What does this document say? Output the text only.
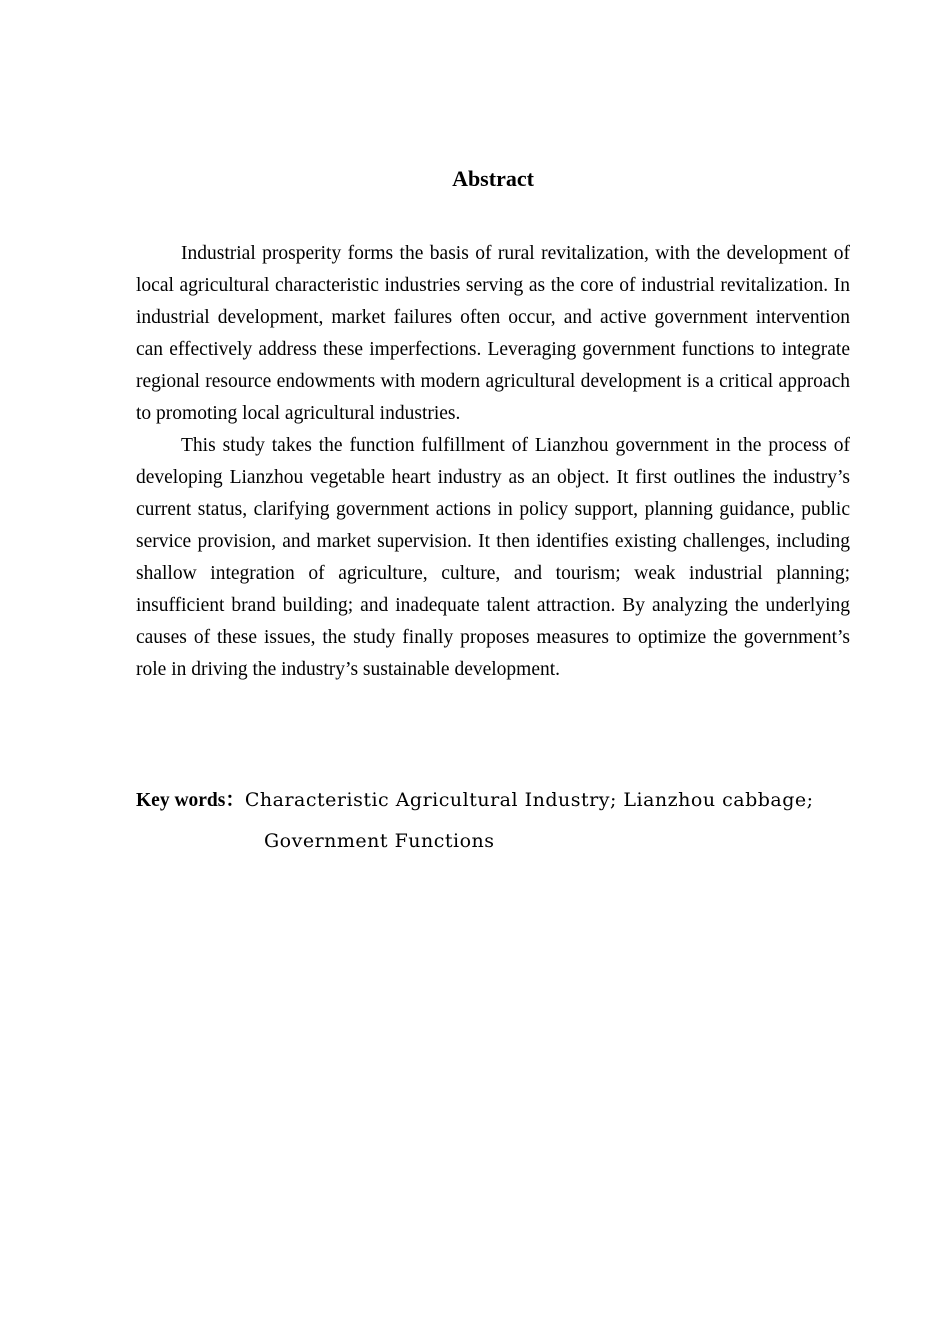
Abstract

Industrial prosperity forms the basis of rural revitalization, with the development of local agricultural characteristic industries serving as the core of industrial revitalization. In industrial development, market failures often occur, and active government intervention can effectively address these imperfections. Leveraging government functions to integrate regional resource endowments with modern agricultural development is a critical approach to promoting local agricultural industries.

This study takes the function fulfillment of Lianzhou government in the process of developing Lianzhou vegetable heart industry as an object. It first outlines the industry’s current status, clarifying government actions in policy support, planning guidance, public service provision, and market supervision. It then identifies existing challenges, including shallow integration of agriculture, culture, and tourism; weak industrial planning; insufficient brand building; and inadequate talent attraction. By analyzing the underlying causes of these issues, the study finally proposes measures to optimize the government’s role in driving the industry’s sustainable development.

Key words：Characteristic Agricultural Industry; Lianzhou cabbage;
Government Functions
